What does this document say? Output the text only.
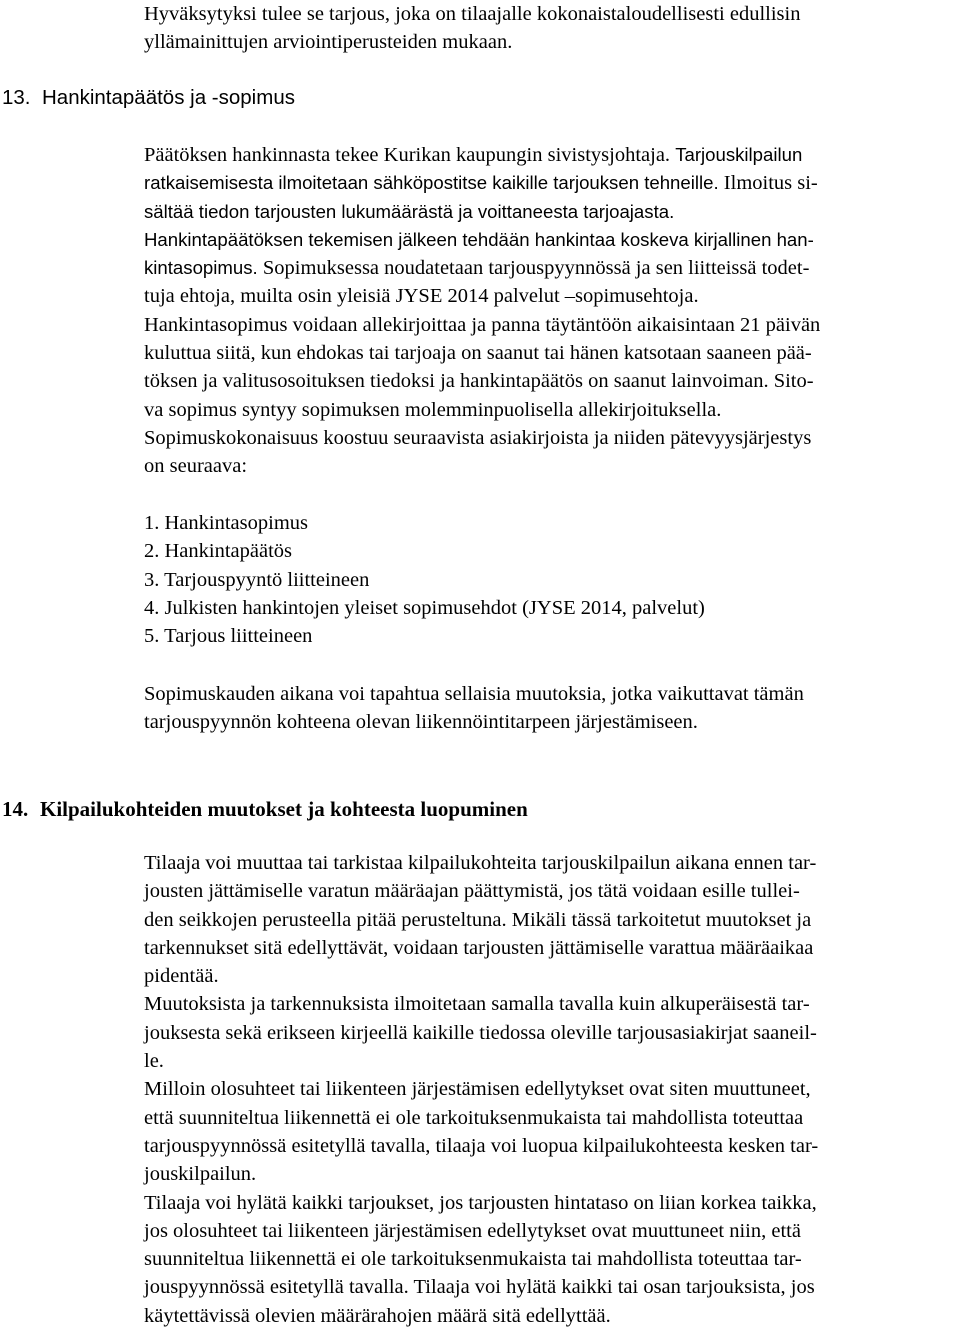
Hyväksytyksi tulee se tarjous, joka on tilaajalle kokonaistaloudellisesti edullisin
yllämainittujen arviointiperusteiden mukaan.
13. Hankintapäätös ja -sopimus
Päätöksen hankinnasta tekee Kurikan kaupungin sivistysjohtaja. Tarjouskilpailun
ratkaisemisesta ilmoitetaan sähköpostitse kaikille tarjouksen tehneille. Ilmoitus si-
sältää tiedon tarjousten lukumäärästä ja voittaneesta tarjoajasta.
Hankintapäätöksen tekemisen jälkeen tehdään hankintaa koskeva kirjallinen han-
kintasopimus. Sopimuksessa noudatetaan tarjouspyynnössä ja sen liitteissä todet-
tuja ehtoja, muilta osin yleisiä JYSE 2014 palvelut –sopimusehtoja.
Hankintasopimus voidaan allekirjoittaa ja panna täytäntöön aikaisintaan 21 päivän
kuluttua siitä, kun ehdokas tai tarjoaja on saanut tai hänen katsotaan saaneen pää-
töksen ja valitusosoituksen tiedoksi ja hankintapäätös on saanut lainvoiman. Sito-
va sopimus syntyy sopimuksen molemminpuolisella allekirjoituksella.
Sopimuskokonaisuus koostuu seuraavista asiakirjoista ja niiden pätevyysjärjestys
on seuraava:
1. Hankintasopimus
2. Hankintapäätös
3. Tarjouspyyntö liitteineen
4. Julkisten hankintojen yleiset sopimusehdot (JYSE 2014, palvelut)
5. Tarjous liitteineen
Sopimuskauden aikana voi tapahtua sellaisia muutoksia, jotka vaikuttavat tämän
tarjouspyynnön kohteena olevan liikennöintitarpeen järjestämiseen.
14. Kilpailukohteiden muutokset ja kohteesta luopuminen
Tilaaja voi muuttaa tai tarkistaa kilpailukohteita tarjouskilpailun aikana ennen tar-
jousten jättämiselle varatun määräajan päättymistä, jos tätä voidaan esille tullei-
den seikkojen perusteella pitää perusteltuna. Mikäli tässä tarkoitetut muutokset ja
tarkennukset sitä edellyttävät, voidaan tarjousten jättämiselle varattua määräaikaa
pidentää.
Muutoksista ja tarkennuksista ilmoitetaan samalla tavalla kuin alkuperäisestä tar-
jouksesta sekä erikseen kirjeellä kaikille tiedossa oleville tarjousasiakirjat saaneil-
le.
Milloin olosuhteet tai liikenteen järjestämisen edellytykset ovat siten muuttuneet,
että suunniteltua liikennettä ei ole tarkoituksenmukaista tai mahdollista toteuttaa
tarjouspyynnössä esitetyllä tavalla, tilaaja voi luopua kilpailukohteesta kesken tar-
jouskilpailun.
Tilaaja voi hylätä kaikki tarjoukset, jos tarjousten hintataso on liian korkea taikka,
jos olosuhteet tai liikenteen järjestämisen edellytykset ovat muuttuneet niin, että
suunniteltua liikennettä ei ole tarkoituksenmukaista tai mahdollista toteuttaa tar-
jouspyynnössä esitetyllä tavalla. Tilaaja voi hylätä kaikki tai osan tarjouksista, jos
käytettävissä olevien määrärahojen määrä sitä edellyttää.
